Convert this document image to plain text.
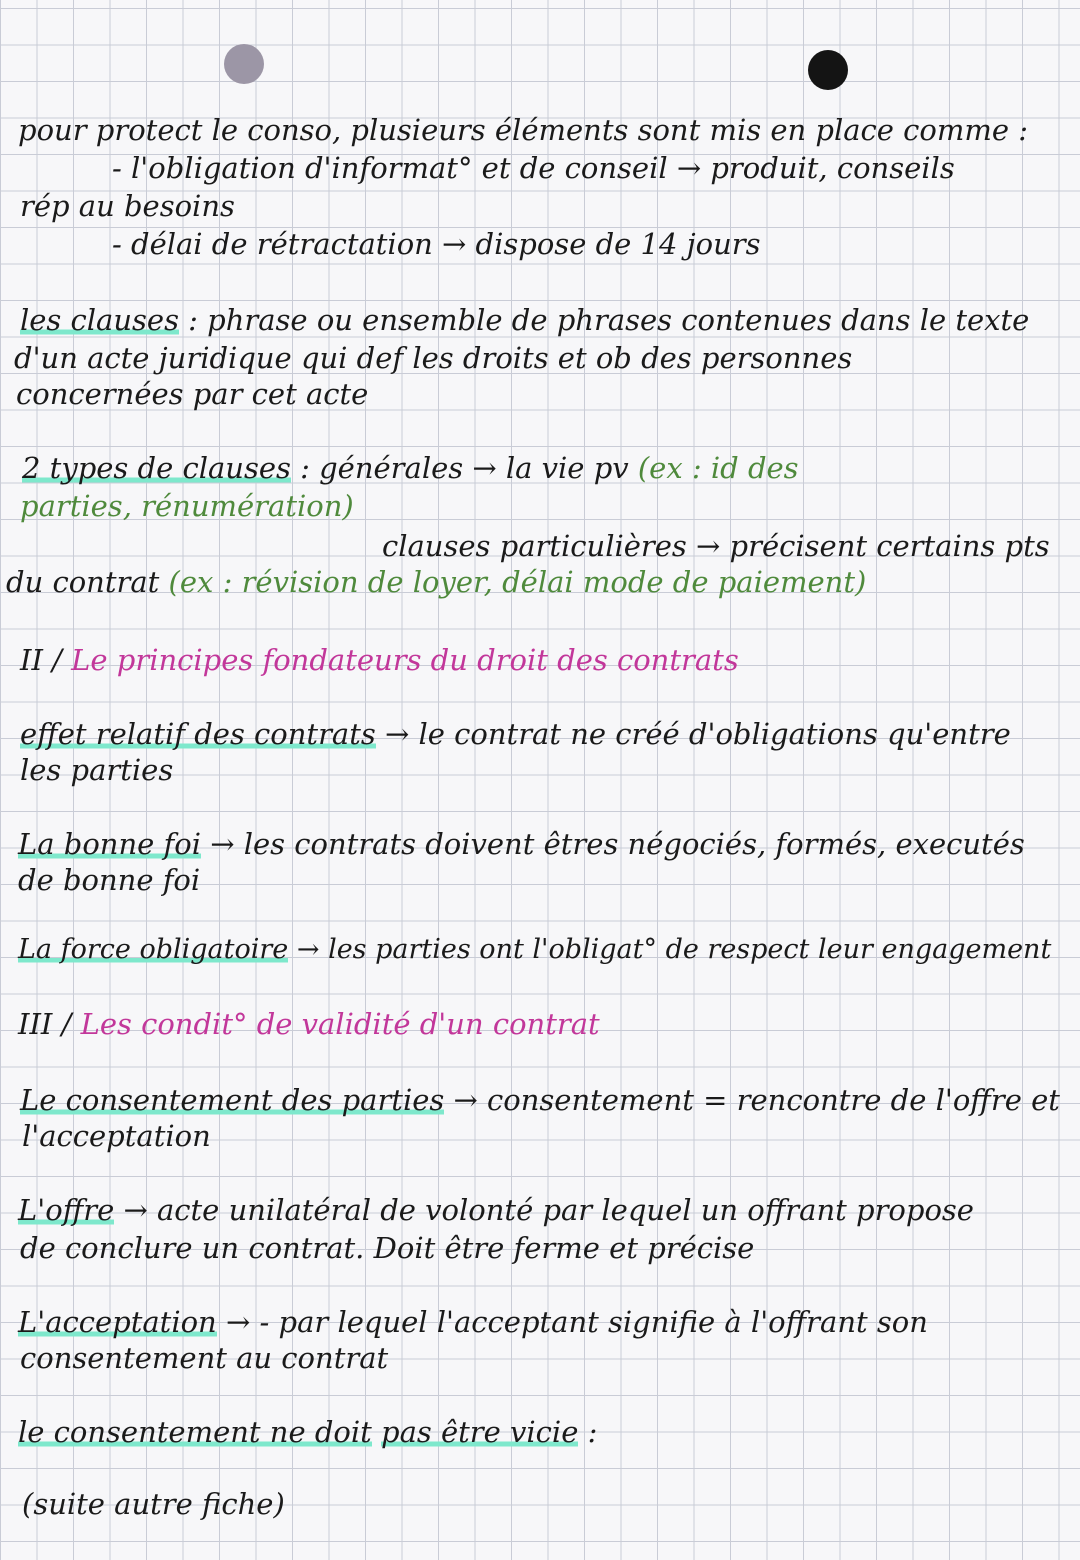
pour protect le conso, plusieurs éléments sont mis en place comme :
- l'obligation d'informat° et de conseil → produit, conseils
rép au besoins
- délai de rétractation → dispose de 14 jours
les clauses : phrase ou ensemble de phrases contenues dans le texte
d'un acte juridique qui def les droits et ob des personnes
concernées par cet acte
2 types de clauses : générales → la vie pv (ex : id des
parties, rénumération)
clauses particulières → précisent certains pts
du contrat (ex : révision de loyer, délai mode de paiement)
II / Le principes fondateurs du droit des contrats
effet relatif des contrats → le contrat ne créé d'obligations qu'entre
les parties
La bonne foi → les contrats doivent êtres négociés, formés, executés
de bonne foi
La force obligatoire → les parties ont l'obligat° de respect leur engagement
III / Les condit° de validité d'un contrat
Le consentement des parties → consentement = rencontre de l'offre et
l'acceptation
L'offre → acte unilatéral de volonté par lequel un offrant propose
de conclure un contrat. Doit être ferme et précise
L'acceptation → - par lequel l'acceptant signifie à l'offrant son
consentement au contrat
le consentement ne doit pas être vicie :
(suite autre fiche)
